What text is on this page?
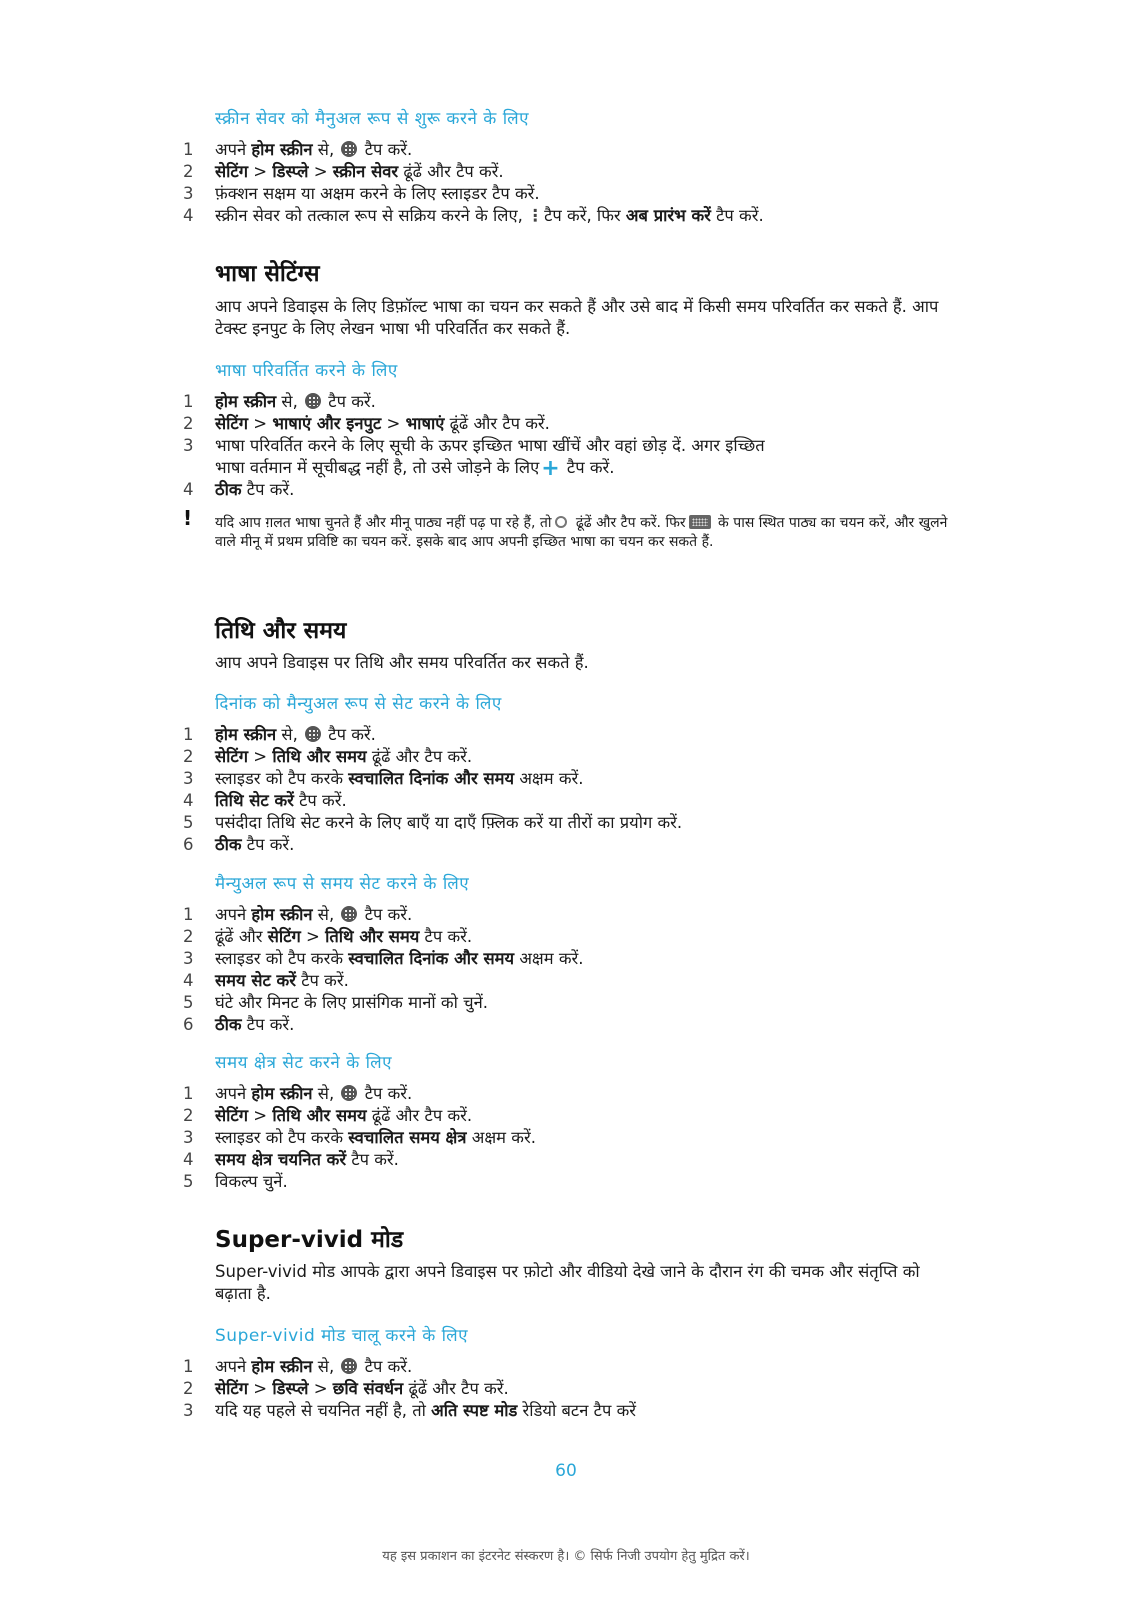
स्क्रीन सेवर को मैनुअल रूप से शुरू करने के लिए
1 अपने होम स्क्रीन से,  टैप करें.
2 सेटिंग > डिस्प्ले > स्क्रीन सेवर ढूंढें और टैप करें.
3 फ़ंक्शन सक्षम या अक्षम करने के लिए स्लाइडर टैप करें.
4 स्क्रीन सेवर को तत्काल रूप से सक्रिय करने के लिए, ⋮ टैप करें, फिर अब प्रारंभ करें टैप करें.
भाषा सेटिंग्स
आप अपने डिवाइस के लिए डिफ़ॉल्ट भाषा का चयन कर सकते हैं और उसे बाद में किसी समय परिवर्तित कर सकते हैं. आप टेक्स्ट इनपुट के लिए लेखन भाषा भी परिवर्तित कर सकते हैं.
भाषा परिवर्तित करने के लिए
1 होम स्क्रीन से,  टैप करें.
2 सेटिंग > भाषाएं और इनपुट > भाषाएं ढूंढें और टैप करें.
3 भाषा परिवर्तित करने के लिए सूची के ऊपर इच्छित भाषा खींचें और वहां छोड़ दें. अगर इच्छित
भाषा वर्तमान में सूचीबद्ध नहीं है, तो उसे जोड़ने के लिए+ टैप करें.
4 ठीक टैप करें.
! यदि आप ग़लत भाषा चुनते हैं और मीनू पाठ्य नहीं पढ़ पा रहे हैं, तो ढूंढें और टैप करें. फिर के पास स्थित पाठ्य का चयन करें, और खुलने वाले मीनू में प्रथम प्रविष्टि का चयन करें. इसके बाद आप अपनी इच्छित भाषा का चयन कर सकते हैं.
तिथि और समय
आप अपने डिवाइस पर तिथि और समय परिवर्तित कर सकते हैं.
दिनांक को मैन्युअल रूप से सेट करने के लिए
1 होम स्क्रीन से,  टैप करें.
2 सेटिंग > तिथि और समय ढूंढें और टैप करें.
3 स्लाइडर को टैप करके स्वचालित दिनांक और समय अक्षम करें.
4 तिथि सेट करें टैप करें.
5 पसंदीदा तिथि सेट करने के लिए बाएँ या दाएँ फ़्लिक करें या तीरों का प्रयोग करें.
6 ठीक टैप करें.
मैन्युअल रूप से समय सेट करने के लिए
1 अपने होम स्क्रीन से,  टैप करें.
2 ढूंढें और सेटिंग > तिथि और समय टैप करें.
3 स्लाइडर को टैप करके स्वचालित दिनांक और समय अक्षम करें.
4 समय सेट करें टैप करें.
5 घंटे और मिनट के लिए प्रासंगिक मानों को चुनें.
6 ठीक टैप करें.
समय क्षेत्र सेट करने के लिए
1 अपने होम स्क्रीन से,  टैप करें.
2 सेटिंग > तिथि और समय ढूंढें और टैप करें.
3 स्लाइडर को टैप करके स्वचालित समय क्षेत्र अक्षम करें.
4 समय क्षेत्र चयनित करें टैप करें.
5 विकल्प चुनें.
Super-vivid मोड
Super-vivid मोड आपके द्वारा अपने डिवाइस पर फ़ोटो और वीडियो देखे जाने के दौरान रंग की चमक और संतृप्ति को बढ़ाता है.
Super-vivid मोड चालू करने के लिए
1 अपने होम स्क्रीन से,  टैप करें.
2 सेटिंग > डिस्प्ले > छवि संवर्धन ढूंढें और टैप करें.
3 यदि यह पहले से चयनित नहीं है, तो अति स्पष्ट मोड रेडियो बटन टैप करें
60
यह इस प्रकाशन का इंटरनेट संस्करण है। © सिर्फ निजी उपयोग हेतु मुद्रित करें।
